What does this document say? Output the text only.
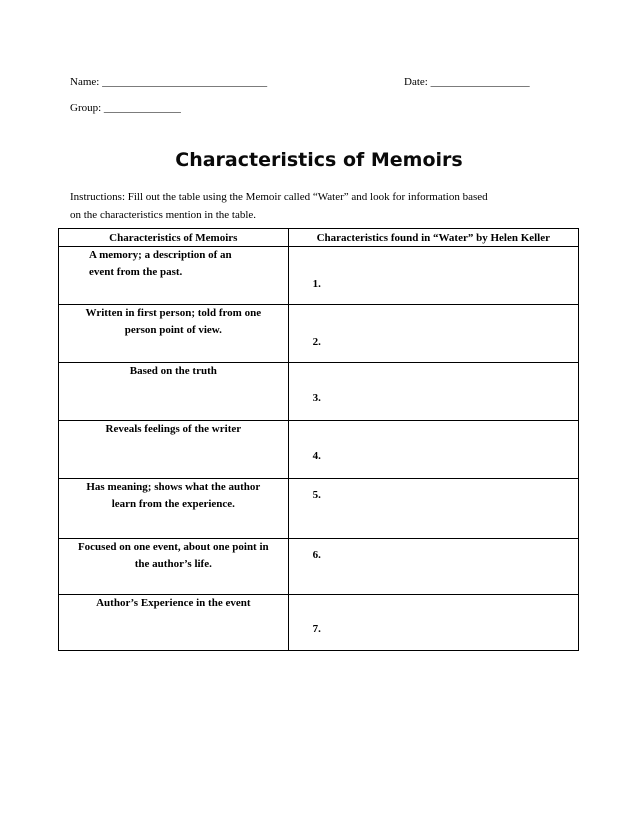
Name: ______________________________	Date: __________________
Group: ______________
Characteristics of Memoirs
Instructions: Fill out the table using the Memoir called “Water” and look for information based
on the characteristics mention in the table.
Characteristics of Memoirs	Characteristics found in “Water” by Helen Keller

A memory; a description of an
event from the past.	1.

Written in first person; told from one
person point of view.	2.

Based on the truth	3.

Reveals feelings of the writer	4.

Has meaning; shows what the author
learn from the experience.	5.

Focused on one event, about one point in
the author’s life.	6.

Author’s Experience in the event	7.
